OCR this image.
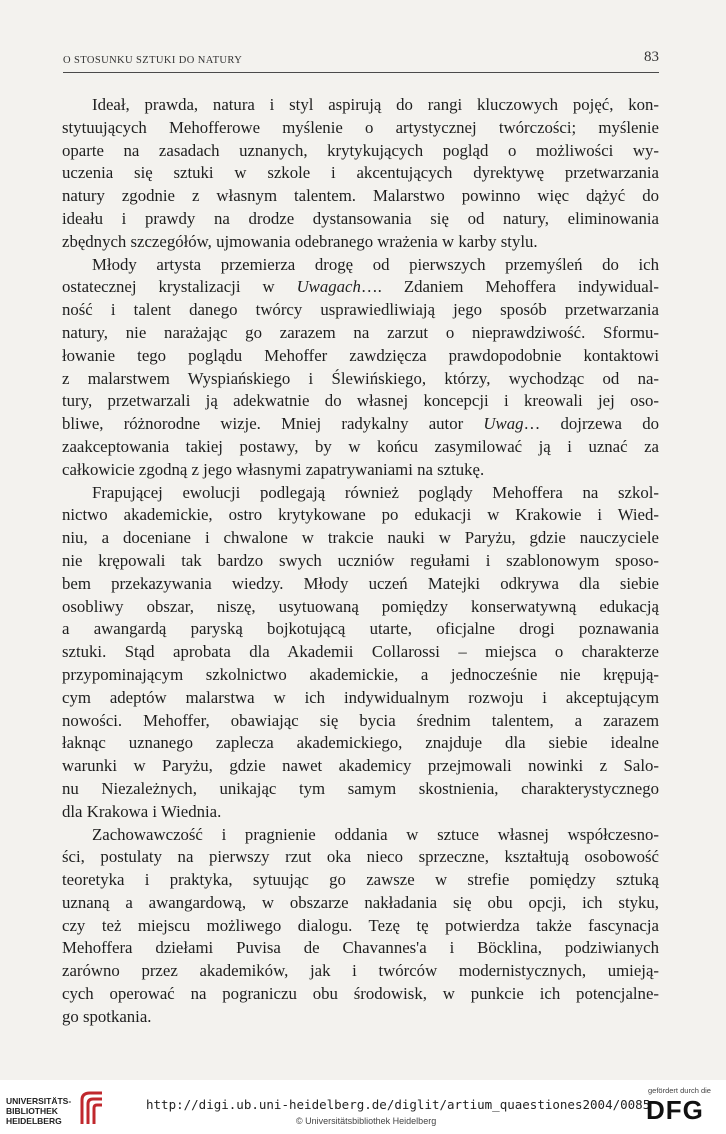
O STOSUNKU SZTUKI DO NATURY	83
Ideał, prawda, natura i styl aspirują do rangi kluczowych pojęć, kon-
stytuujących Mehofferowe myślenie o artystycznej twórczości; myślenie
oparte na zasadach uznanych, krytykujących pogląd o możliwości wy-
uczenia się sztuki w szkole i akcentujących dyrektywę przetwarzania
natury zgodnie z własnym talentem. Malarstwo powinno więc dążyć do
ideału i prawdy na drodze dystansowania się od natury, eliminowania
zbędnych szczegółów, ujmowania odebranego wrażenia w karby stylu.
Młody artysta przemierza drogę od pierwszych przemyśleń do ich
ostatecznej krystalizacji w Uwagach…. Zdaniem Mehoffera indywidual-
ność i talent danego twórcy usprawiedliwiają jego sposób przetwarzania
natury, nie narażając go zarazem na zarzut o nieprawdziwość. Sformu-
łowanie tego poglądu Mehoffer zawdzięcza prawdopodobnie kontaktowi
z malarstwem Wyspiańskiego i Ślewińskiego, którzy, wychodząc od na-
tury, przetwarzali ją adekwatnie do własnej koncepcji i kreowali jej oso-
bliwe, różnorodne wizje. Mniej radykalny autor Uwag… dojrzewa do
zaakceptowania takiej postawy, by w końcu zasymilować ją i uznać za
całkowicie zgodną z jego własnymi zapatrywaniami na sztukę.
Frapującej ewolucji podlegają również poglądy Mehoffera na szkol-
nictwo akademickie, ostro krytykowane po edukacji w Krakowie i Wied-
niu, a doceniane i chwalone w trakcie nauki w Paryżu, gdzie nauczyciele
nie krępowali tak bardzo swych uczniów regułami i szablonowym sposo-
bem przekazywania wiedzy. Młody uczeń Matejki odkrywa dla siebie
osobliwy obszar, niszę, usytuowaną pomiędzy konserwatywną edukacją
a awangardą paryską bojkotującą utarte, oficjalne drogi poznawania
sztuki. Stąd aprobata dla Akademii Collarossi – miejsca o charakterze
przypominającym szkolnictwo akademickie, a jednocześnie nie krępują-
cym adeptów malarstwa w ich indywidualnym rozwoju i akceptującym
nowości. Mehoffer, obawiając się bycia średnim talentem, a zarazem
łaknąc uznanego zaplecza akademickiego, znajduje dla siebie idealne
warunki w Paryżu, gdzie nawet akademicy przejmowali nowinki z Salo-
nu Niezależnych, unikając tym samym skostnienia, charakterystycznego
dla Krakowa i Wiednia.
Zachowawczość i pragnienie oddania w sztuce własnej współczesno-
ści, postulaty na pierwszy rzut oka nieco sprzeczne, kształtują osobowość
teoretyka i praktyka, sytuując go zawsze w strefie pomiędzy sztuką
uznaną a awangardową, w obszarze nakładania się obu opcji, ich styku,
czy też miejscu możliwego dialogu. Tezę tę potwierdza także fascynacja
Mehoffera dziełami Puvisa de Chavannes'a i Böcklina, podziwianych
zarówno przez akademików, jak i twórców modernistycznych, umieją-
cych operować na pograniczu obu środowisk, w punkcie ich potencjalne-
go spotkania.
UNIVERSITÄTS-
BIBLIOTHEK
HEIDELBERG
http://digi.ub.uni-heidelberg.de/diglit/artium_quaestiones2004/0085
© Universitätsbibliothek Heidelberg
gefördert durch die
DFG
